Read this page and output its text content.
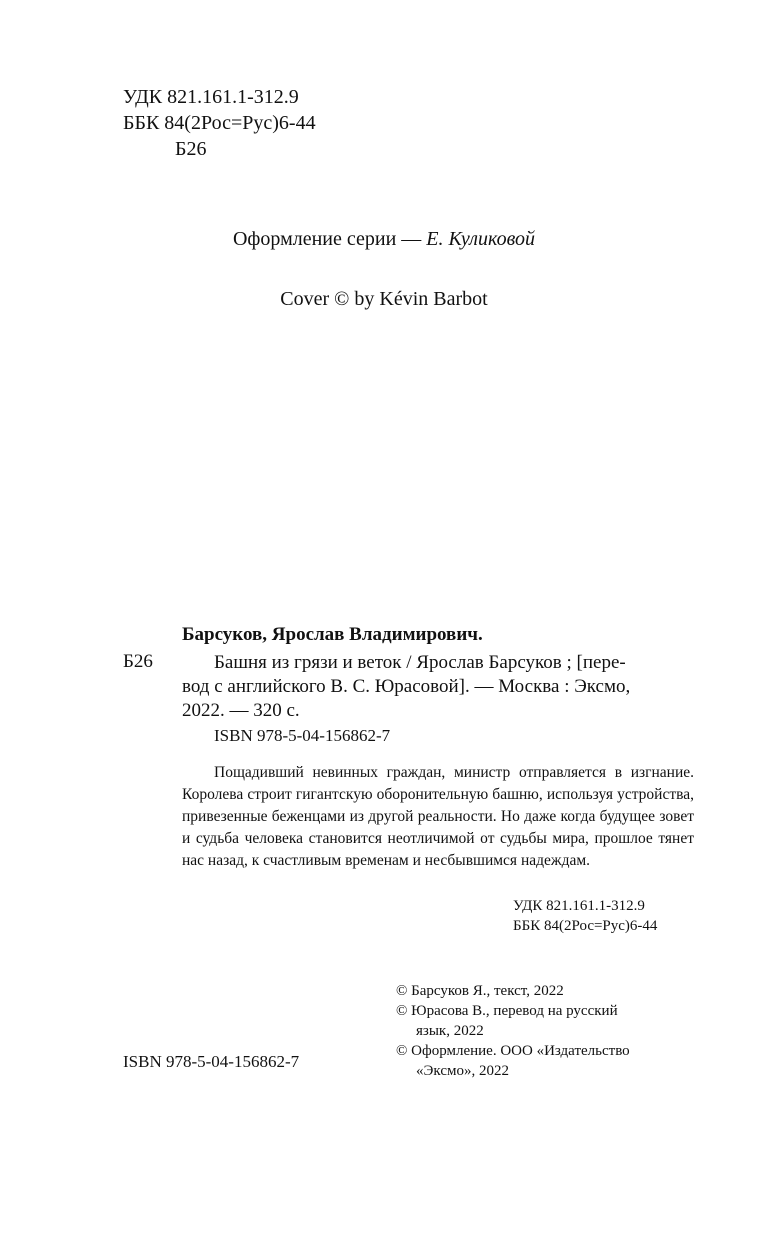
УДК 821.161.1-312.9
ББК 84(2Рос=Рус)6-44
Б26
Оформление серии — Е. Куликовой
Cover © by Kévin Barbot
Барсуков, Ярослав Владимирович.
Б26	Башня из грязи и веток / Ярослав Барсуков ; [пере-
вод с английского В. С. Юрасовой]. — Москва : Эксмо,
2022. — 320 с.
ISBN 978-5-04-156862-7

Пощадивший невинных граждан, министр отправляется в изгнание. Королева строит гигантскую оборонительную башню, используя устройства, привезенные беженцами из другой реальности. Но даже когда будущее зовет и судьба человека становится неотличимой от судьбы мира, прошлое тянет нас назад, к счастливым временам и несбывшимся надеждам.

УДК 821.161.1-312.9
ББК 84(2Рос=Рус)6-44
© Барсуков Я., текст, 2022
© Юрасова В., перевод на русский
язык, 2022
© Оформление. ООО «Издательство
«Эксмо», 2022
ISBN 978-5-04-156862-7
